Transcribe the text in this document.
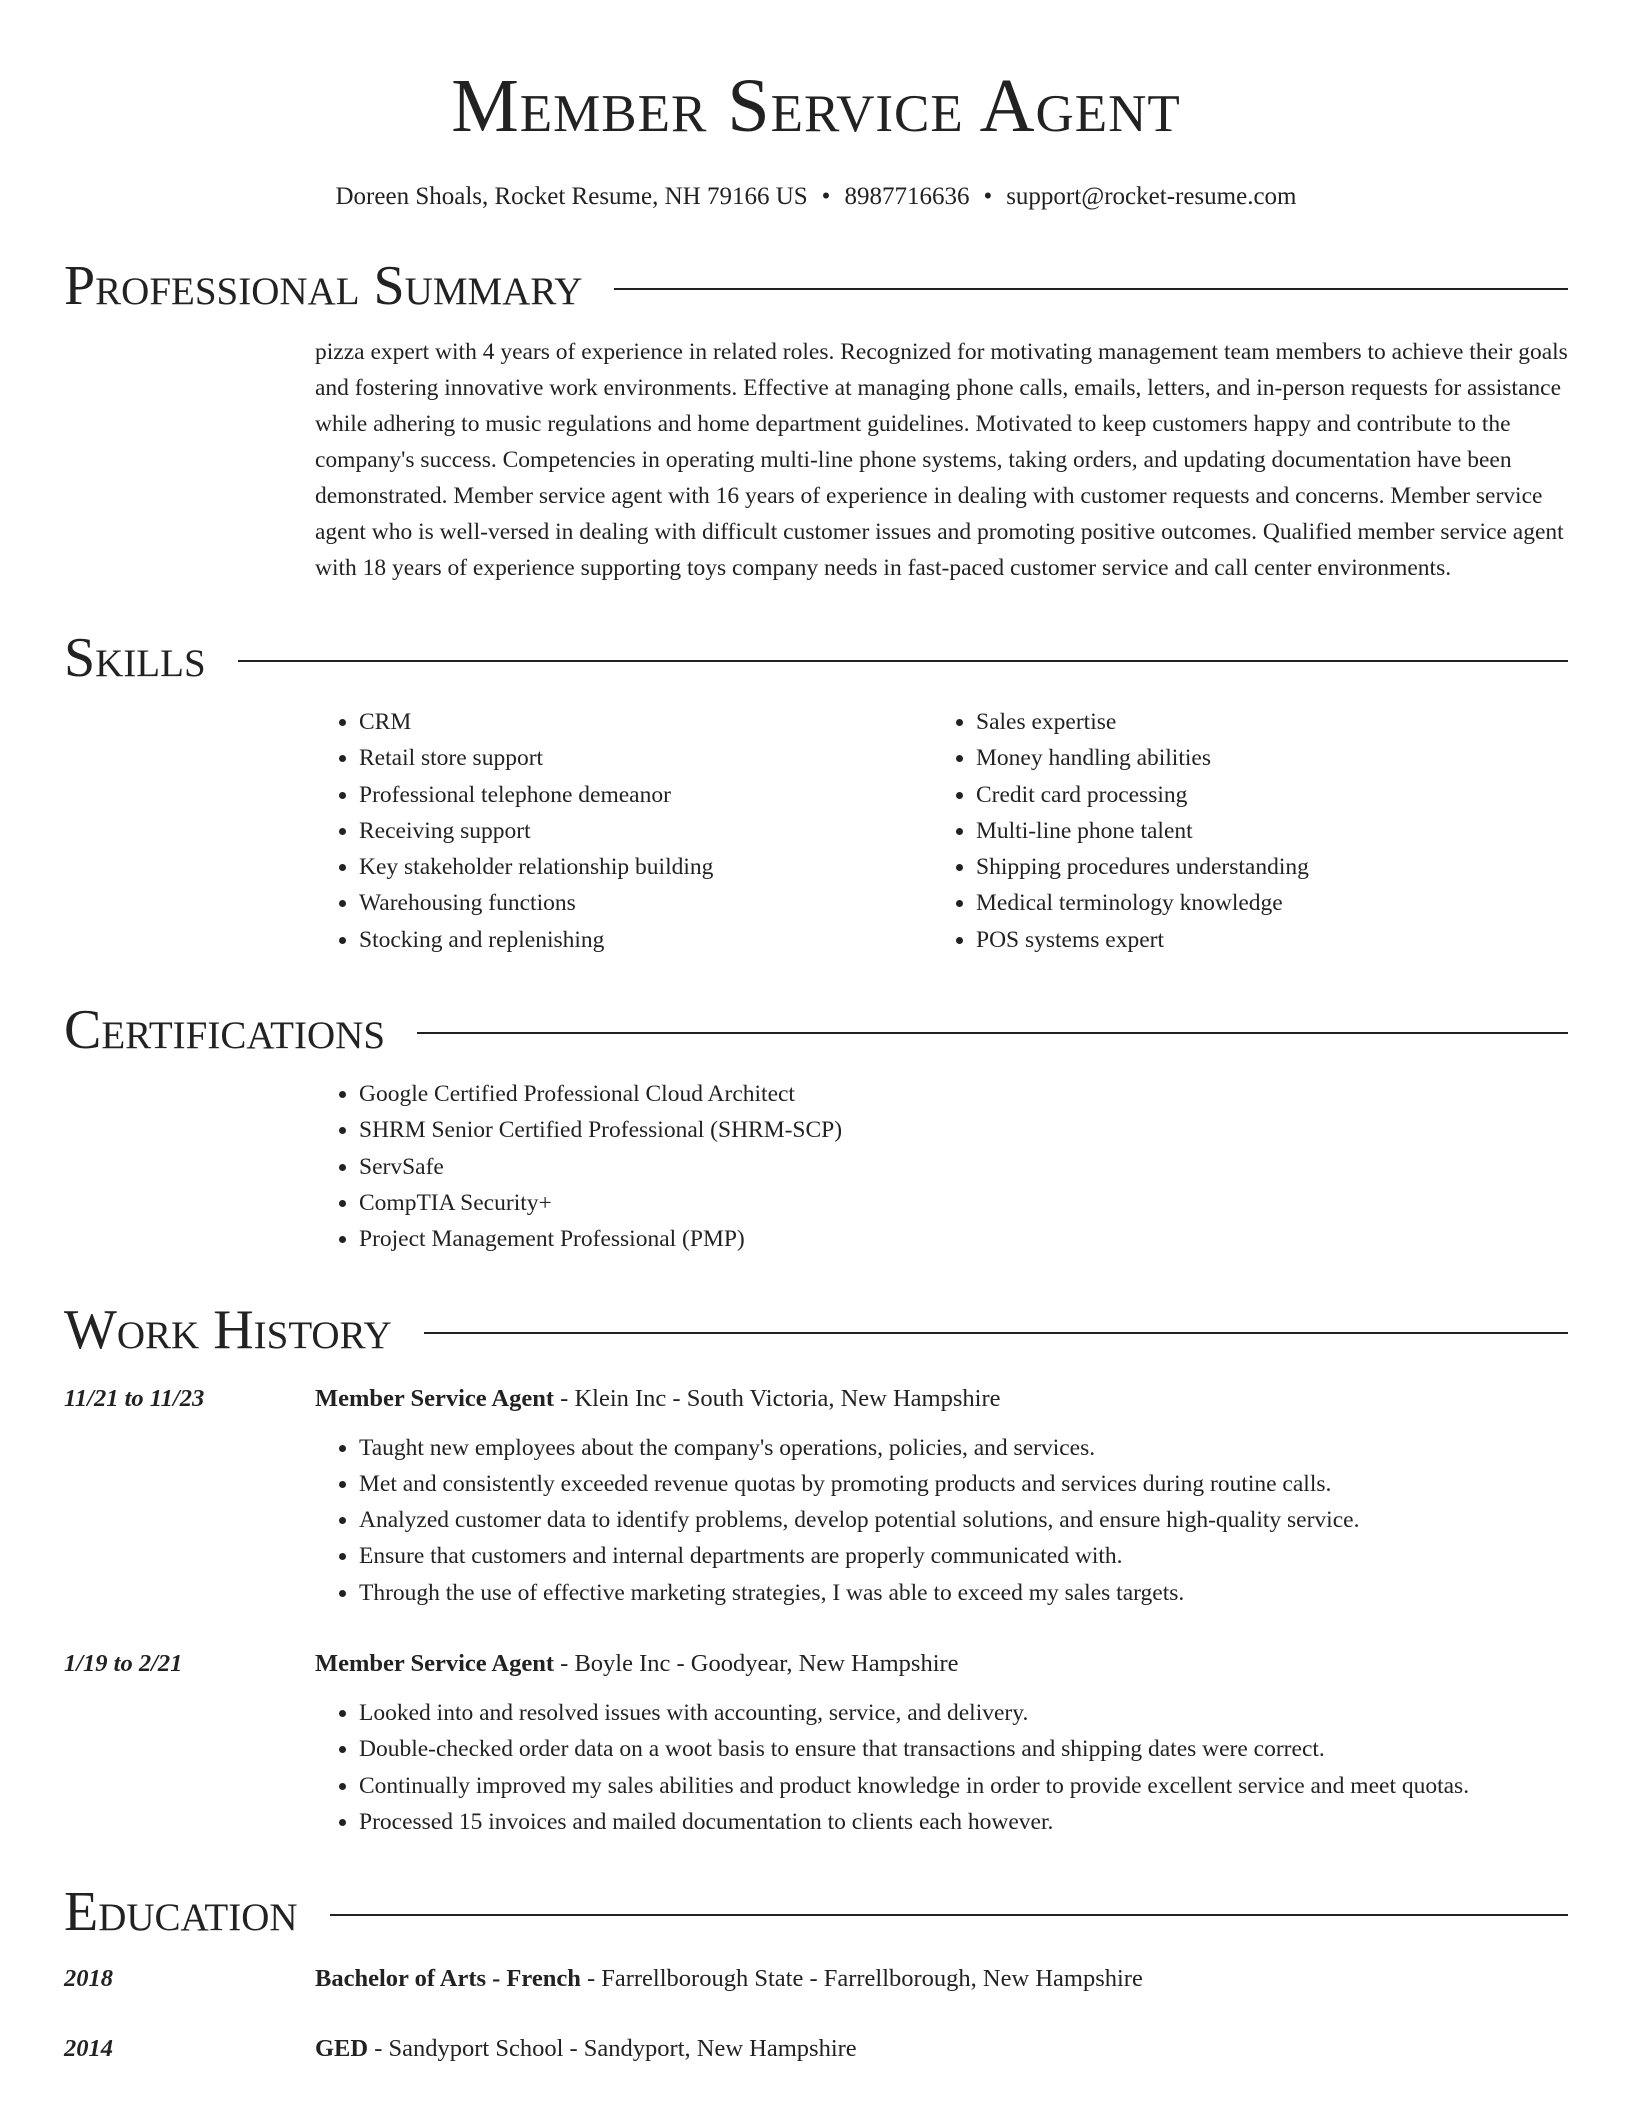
Member Service Agent
Doreen Shoals, Rocket Resume, NH 79166 US • 8987716636 • support@rocket-resume.com
Professional Summary
pizza expert with 4 years of experience in related roles. Recognized for motivating management team members to achieve their goals and fostering innovative work environments. Effective at managing phone calls, emails, letters, and in-person requests for assistance while adhering to music regulations and home department guidelines. Motivated to keep customers happy and contribute to the company's success. Competencies in operating multi-line phone systems, taking orders, and updating documentation have been demonstrated. Member service agent with 16 years of experience in dealing with customer requests and concerns. Member service agent who is well-versed in dealing with difficult customer issues and promoting positive outcomes. Qualified member service agent with 18 years of experience supporting toys company needs in fast-paced customer service and call center environments.
Skills
• CRM
• Retail store support
• Professional telephone demeanor
• Receiving support
• Key stakeholder relationship building
• Warehousing functions
• Stocking and replenishing
• Sales expertise
• Money handling abilities
• Credit card processing
• Multi-line phone talent
• Shipping procedures understanding
• Medical terminology knowledge
• POS systems expert
Certifications
• Google Certified Professional Cloud Architect
• SHRM Senior Certified Professional (SHRM-SCP)
• ServSafe
• CompTIA Security+
• Project Management Professional (PMP)
Work History
11/21 to 11/23	Member Service Agent - Klein Inc - South Victoria, New Hampshire
• Taught new employees about the company's operations, policies, and services.
• Met and consistently exceeded revenue quotas by promoting products and services during routine calls.
• Analyzed customer data to identify problems, develop potential solutions, and ensure high-quality service.
• Ensure that customers and internal departments are properly communicated with.
• Through the use of effective marketing strategies, I was able to exceed my sales targets.
1/19 to 2/21	Member Service Agent - Boyle Inc - Goodyear, New Hampshire
• Looked into and resolved issues with accounting, service, and delivery.
• Double-checked order data on a woot basis to ensure that transactions and shipping dates were correct.
• Continually improved my sales abilities and product knowledge in order to provide excellent service and meet quotas.
• Processed 15 invoices and mailed documentation to clients each however.
Education
2018	Bachelor of Arts - French - Farrellborough State - Farrellborough, New Hampshire
2014	GED - Sandyport School - Sandyport, New Hampshire
